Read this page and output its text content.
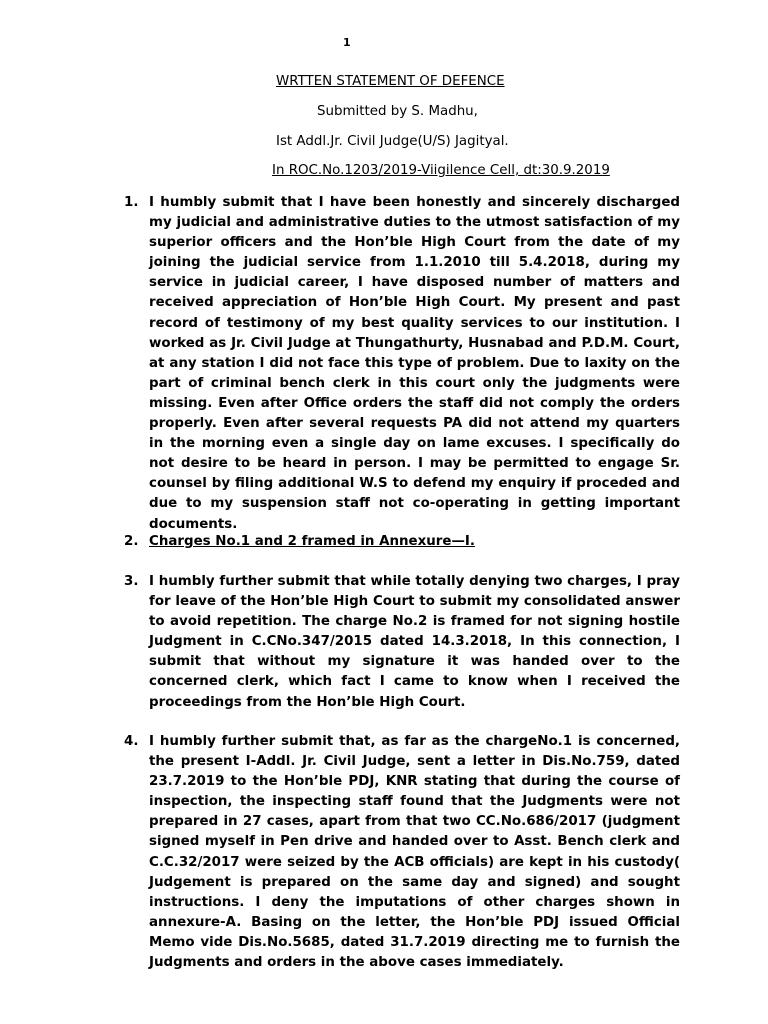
1
WRTTEN STATEMENT OF DEFENCE
Submitted by S. Madhu,
Ist Addl.Jr. Civil Judge(U/S) Jagityal.
In ROC.No.1203/2019-Viigilence Cell, dt:30.9.2019
1. I humbly submit that I have been honestly and sincerely discharged my judicial and administrative duties to the utmost satisfaction of my superior officers and the Hon’ble High Court from the date of my joining the judicial service from 1.1.2010 till 5.4.2018, during my service in judicial career, I have disposed number of matters and received appreciation of Hon’ble High Court. My present and past record of testimony of my best quality services to our institution. I worked as Jr. Civil Judge at Thungathurty, Husnabad and P.D.M. Court, at any station I did not face this type of problem. Due to laxity on the part of criminal bench clerk in this court only the judgments were missing. Even after Office orders the staff did not comply the orders properly. Even after several requests PA did not attend my quarters in the morning even a single day on lame excuses. I specifically do not desire to be heard in person. I may be permitted to engage Sr. counsel by filing additional W.S to defend my enquiry if proceded and due to my suspension staff not co-operating in getting important documents.
2. Charges No.1 and 2 framed in Annexure—I.
3. I humbly further submit that while totally denying two charges, I pray for leave of the Hon’ble High Court to submit my consolidated answer to avoid repetition. The charge No.2 is framed for not signing hostile Judgment in C.CNo.347/2015 dated 14.3.2018, In this connection, I submit that without my signature it was handed over to the concerned clerk, which fact I came to know when I received the proceedings from the Hon’ble High Court.
4. I humbly further submit that, as far as the chargeNo.1 is concerned, the present I-Addl. Jr. Civil Judge, sent a letter in Dis.No.759, dated 23.7.2019 to the Hon’ble PDJ, KNR stating that during the course of inspection, the inspecting staff found that the Judgments were not prepared in 27 cases, apart from that two CC.No.686/2017 (judgment signed myself in Pen drive and handed over to Asst. Bench clerk and C.C.32/2017 were seized by the ACB officials) are kept in his custody( Judgement is prepared on the same day and signed) and sought instructions. I deny the imputations of other charges shown in annexure-A. Basing on the letter, the Hon’ble PDJ issued Official Memo vide Dis.No.5685, dated 31.7.2019 directing me to furnish the Judgments and orders in the above cases immediately.
